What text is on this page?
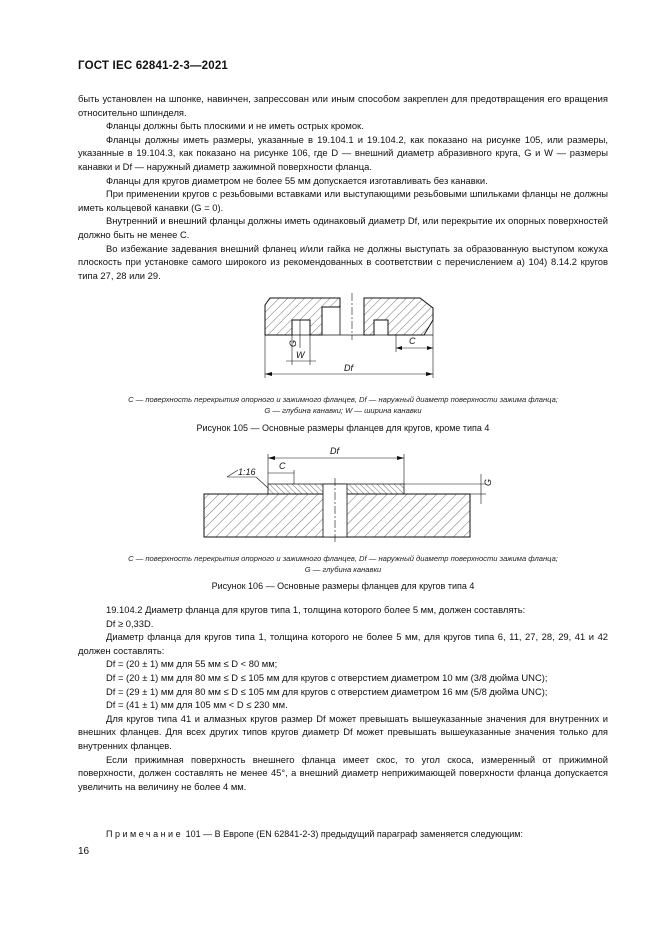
ГОСТ IEC 62841-2-3—2021

быть установлен на шпонке, навинчен, запрессован или иным способом закреплен для предотвращения его вращения относительно шпинделя.

Фланцы должны быть плоскими и не иметь острых кромок.

Фланцы должны иметь размеры, указанные в 19.104.1 и 19.104.2, как показано на рисунке 105, или размеры, указанные в 19.104.3, как показано на рисунке 106, где D — внешний диаметр абразивного круга, G и W — размеры канавки и Df — наружный диаметр зажимной поверхности фланца.

Фланцы для кругов диаметром не более 55 мм допускается изготавливать без канавки.

При применении кругов с резьбовыми вставками или выступающими резьбовыми шпильками фланцы не должны иметь кольцевой канавки (G = 0).

Внутренний и внешний фланцы должны иметь одинаковый диаметр Df, или перекрытие их опорных поверхностей должно быть не менее C.

Во избежание задевания внешний фланец и/или гайка не должны выступать за образованную выступом кожуха плоскость при установке самого широкого из рекомендованных в соответствии с перечислением а) 104) 8.14.2 кругов типа 27, 28 или 29.

Df
W
G	C
C — поверхность перекрытия опорного и зажимного фланцев, Df — наружный диаметр поверхности зажима фланца;
G — глубина канавки; W — ширина канавки
Рисунок 105 — Основные размеры фланцев для кругов, кроме типа 4
Df
C
1:16
G
C — поверхность перекрытия опорного и зажимного фланцев, Df — наружный диаметр поверхности зажима фланца;
G — глубина канавки
Рисунок 106 — Основные размеры фланцев для кругов типа 4

19.104.2 Диаметр фланца для кругов типа 1, толщина которого более 5 мм, должен составлять:

Df ≥ 0,33D.

Диаметр фланца для кругов типа 1, толщина которого не более 5 мм, для кругов типа 6, 11, 27, 28, 29, 41 и 42 должен составлять:

Df = (20 ± 1) мм для 55 мм ≤ D < 80 мм;

Df = (20 ± 1) мм для 80 мм ≤ D ≤ 105 мм для кругов с отверстием диаметром 10 мм (3/8 дюйма UNC);

Df = (29 ± 1) мм для 80 мм ≤ D ≤ 105 мм для кругов с отверстием диаметром 16 мм (5/8 дюйма UNC);

Df = (41 ± 1) мм для 105 мм < D ≤ 230 мм.

Для кругов типа 41 и алмазных кругов размер Df может превышать вышеуказанные значения для внутренних и внешних фланцев. Для всех других типов кругов диаметр Df может превышать вышеуказанные значения только для внутренних фланцев.

Если прижимная поверхность внешнего фланца имеет скос, то угол скоса, измеренный от прижимной поверхности, должен составлять не менее 45°, а внешний диаметр неприжимающей поверхности фланца допускается увеличить на величину не более 4 мм.

Примечание 101 — В Европе (EN 62841-2-3) предыдущий параграф заменяется следующим:
16
